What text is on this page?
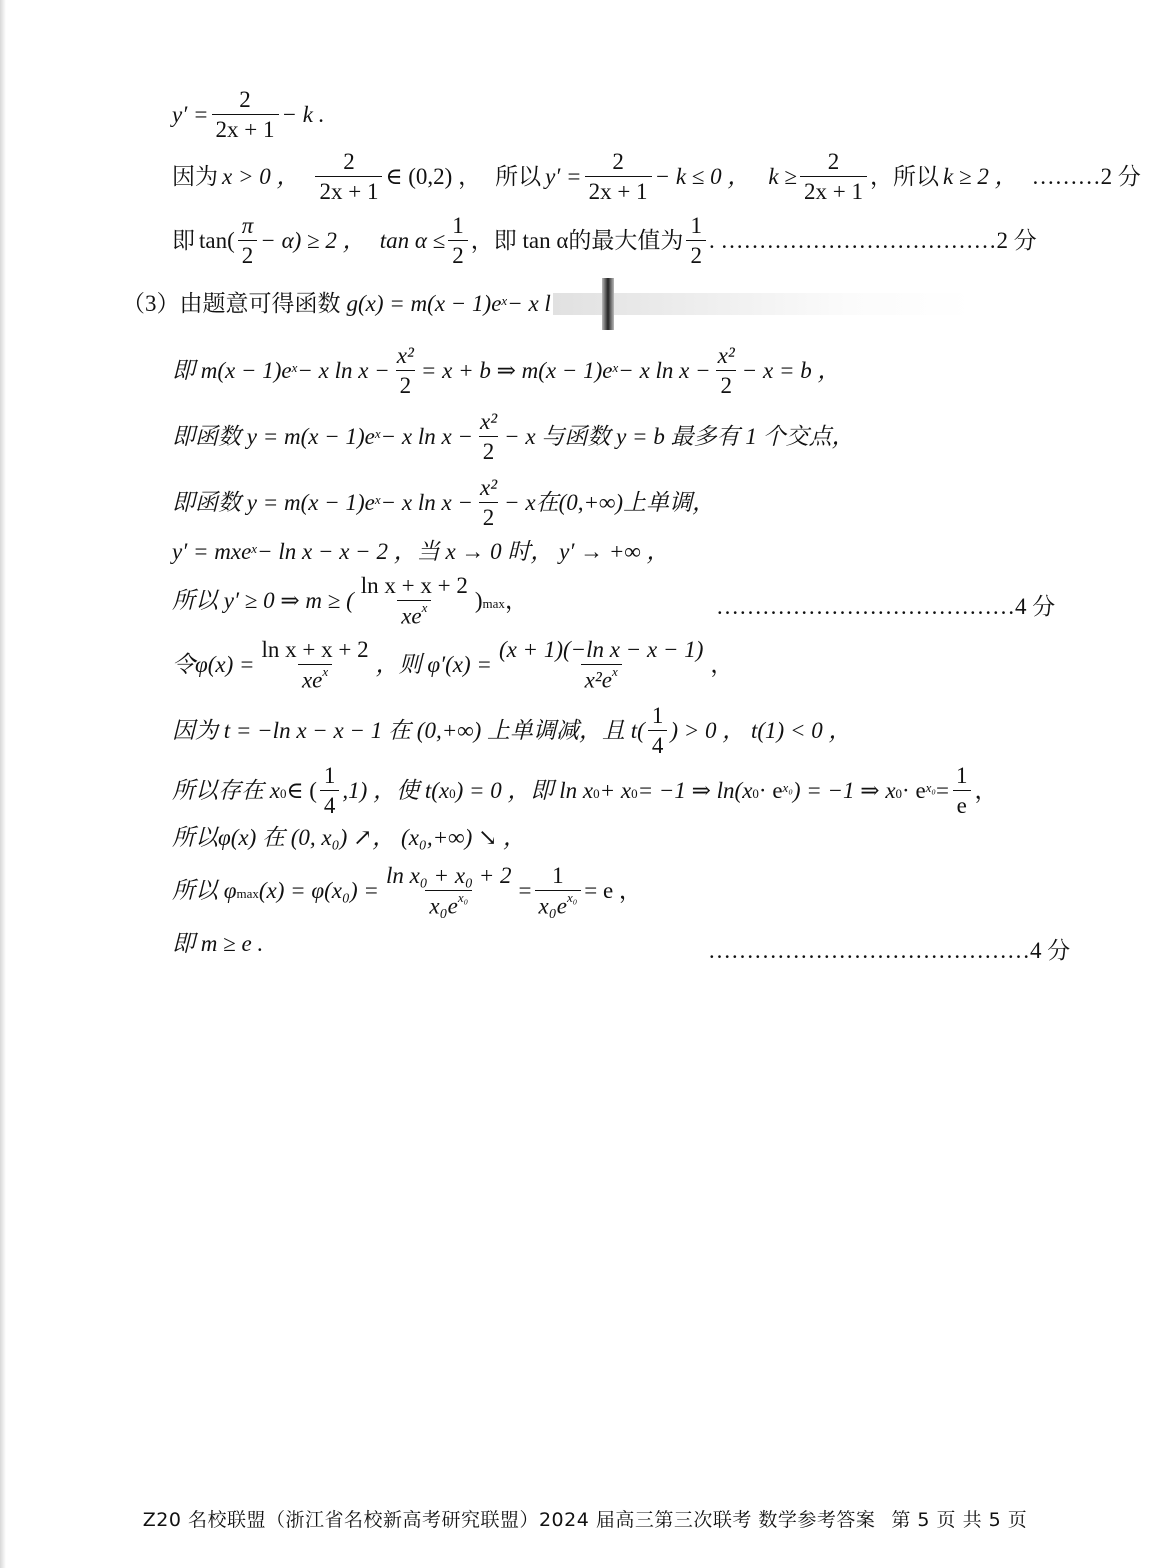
$y' = \frac{2}{2x + 1} - k$ .
因为 x > 0 ， $\frac{2}{2x + 1}$ ∈ (0,2) ， 所以 $y' = \frac{2}{2x + 1} - k \le 0$ ， $k \ge \frac{2}{2x + 1}$ ，所以 k ≥ 2 ， ………2 分
即 $\tan( \frac{\pi}{2} - \alpha) \ge 2$ ， $\tan \alpha \le \frac{1}{2}$ ，即 tan α的最大值为 $\frac{1}{2}$ . ………………………………2 分
（3）由题意可得函数 $g(x) = m(x - 1)e^x - x$ l
即 $m(x - 1)e^x - x$ $\ln x - \frac{\text{x²}}{2} = x + b$ ⇒ $m(x - 1)e^x - x$ $\ln x - \frac{\text{x²}}{2} - x = b$ ，
即函数 $y = m(x - 1)e^x - x$ $\ln x - \frac{\text{x²}}{2} - x$ 与函数 y = b 最多有 1 个交点，
即函数 $y = m(x - 1)e^x - x$ $\ln x - \frac{\text{x²}}{2} - x$在(0,+∞)上单调，
y′ = mxe$^x$ − ln x − x − 2 ，当 x → 0 时， y′ → +∞ ，
所以 y′ ≥ 0 ⇒ m ≥ ( $\frac{\text{ln x + x + 2}}{xe^x} )_{max}$ ，	…………………………………4 分
令$\varphi(x) = \frac{\text{ln x + x + 2}}{xe^x}$ ，则 $\varphi'(x) = \frac{\text{(x + 1)(−ln x − x − 1)}}{x^2e^x}$ ，
因为 t = −ln x − x − 1 在 (0,+∞) 上单调减，且 $t( \frac{1}{4}$ ) > 0 ， t(1) < 0 ，
所以存在 $x_0$ ∈ ( $\frac{1}{4} ,1$) ，使 $t(x_0$ ) = 0 ，即 $\ln x_0 + x_0 = -1$ ⇒ $\ln(x_0 \cdot e^{x_0}$ ) = −1 ⇒ $x_0 \cdot e^{x_0} = \frac{1}{e}$ ，
所以φ(x) 在 (0, x₀) ↗， (x₀,+∞) ↘ ，
所以 $\varphi_{max}$ $(x) = \varphi(x_0) = \frac{\text{ln x₀ + x₀ + 2}}{x_0e^{x_0}} = \frac{1}{x_0e^{x_0}} = e$ ，
即 m ≥ e .	……………………………………4 分
Z20 名校联盟（浙江省名校新高考研究联盟）2024 届高三第三次联考 数学参考答案 第 5 页 共 5 页
